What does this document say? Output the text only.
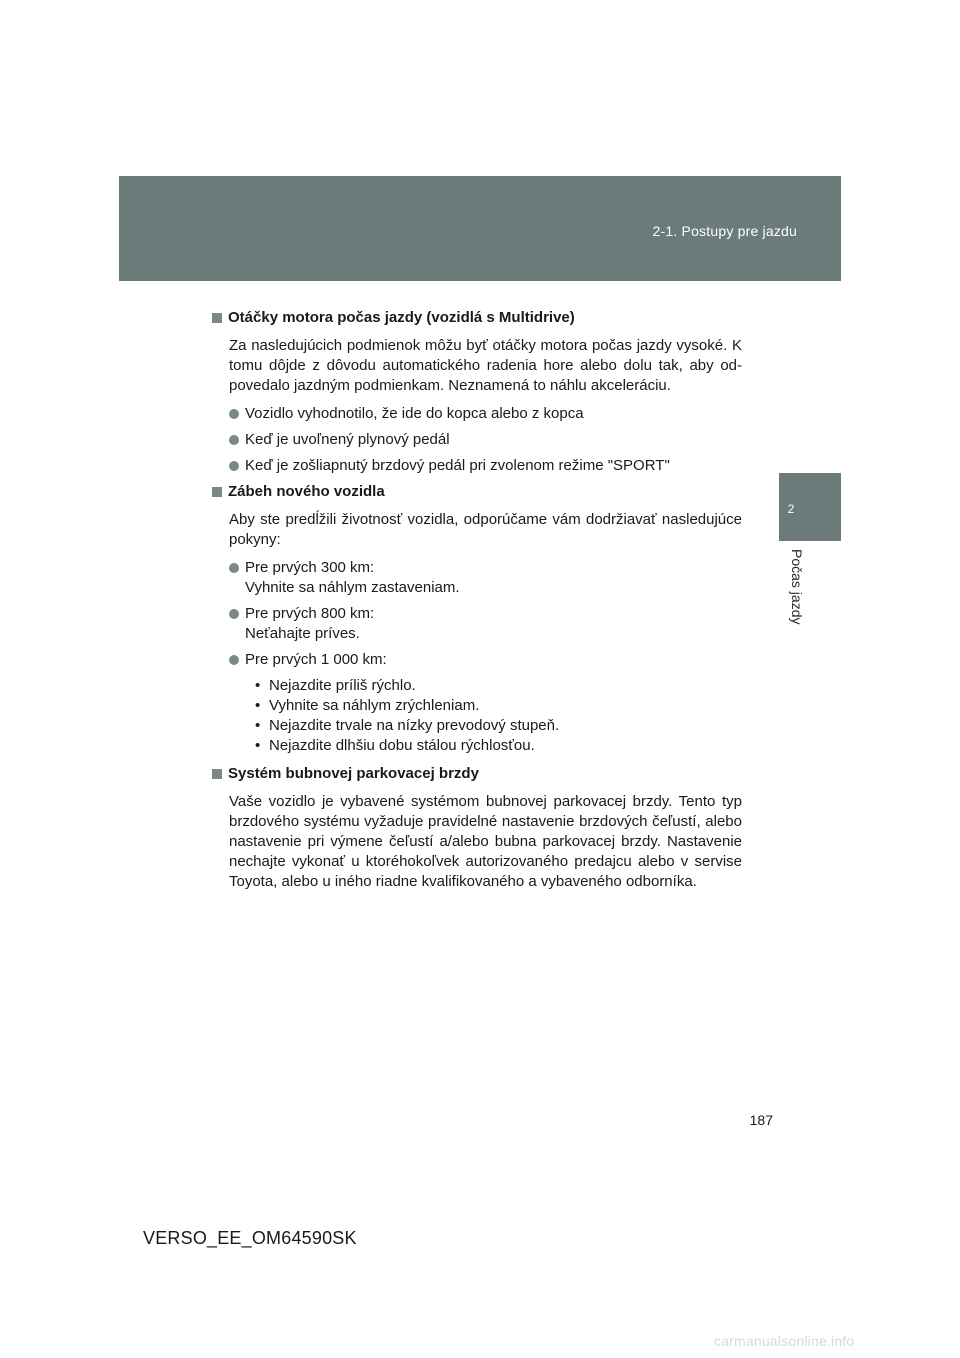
2-1. Postupy pre jazdu
2
Počas jazdy
Otáčky motora počas jazdy (vozidlá s Multidrive)

Za nasledujúcich podmienok môžu byť otáčky motora počas jazdy vysoké. K tomu dôjde z dôvodu automatického radenia hore alebo dolu tak, aby od-povedalo jazdným podmienkam. Neznamená to náhlu akceleráciu.

Vozidlo vyhodnotilo, že ide do kopca alebo z kopca
Keď je uvoľnený plynový pedál
Keď je zošliapnutý brzdový pedál pri zvolenom režime "SPORT"
Zábeh nového vozidla

Aby ste predĺžili životnosť vozidla, odporúčame vám dodržiavať nasledujúce pokyny:

Pre prvých 300 km:
Vyhnite sa náhlym zastaveniam.
Pre prvých 800 km:
Neťahajte príves.
Pre prvých 1 000 km:
• Nejazdite príliš rýchlo.
• Vyhnite sa náhlym zrýchleniam.
• Nejazdite trvale na nízky prevodový stupeň.
• Nejazdite dlhšiu dobu stálou rýchlosťou.
Systém bubnovej parkovacej brzdy

Vaše vozidlo je vybavené systémom bubnovej parkovacej brzdy. Tento typ brzdového systému vyžaduje pravidelné nastavenie brzdových čeľustí, alebo nastavenie pri výmene čeľustí a/alebo bubna parkovacej brzdy. Nastavenie nechajte vykonať u ktoréhokoľvek autorizovaného predajcu alebo v servise Toyota, alebo u iného riadne kvalifikovaného a vybaveného odborníka.

187
VERSO_EE_OM64590SK
carmanualsonline.info
